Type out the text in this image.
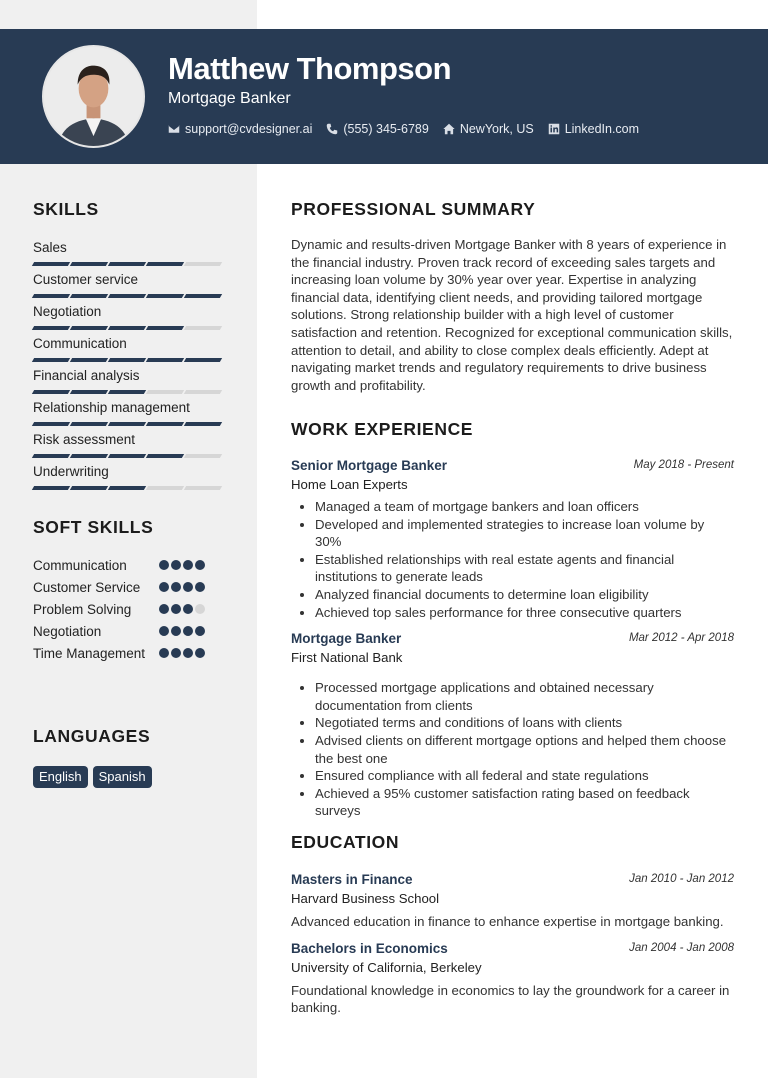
Matthew Thompson
Mortgage Banker
support@cvdesigner.ai (555) 345-6789 NewYork, US LinkedIn.com
SKILLS
Sales
Customer service
Negotiation
Communication
Financial analysis
Relationship management
Risk assessment
Underwriting
SOFT SKILLS
Communication
Customer Service
Problem Solving
Negotiation
Time Management
LANGUAGES
English	Spanish
PROFESSIONAL SUMMARY
Dynamic and results-driven Mortgage Banker with 8 years of experience in the financial industry. Proven track record of exceeding sales targets and increasing loan volume by 30% year over year. Expertise in analyzing financial data, identifying client needs, and providing tailored mortgage solutions. Strong relationship builder with a high level of customer satisfaction and retention. Recognized for exceptional communication skills, attention to detail, and ability to close complex deals efficiently. Adept at navigating market trends and regulatory requirements to drive business growth and profitability.
WORK EXPERIENCE
Senior Mortgage Banker	May 2018 - Present
Home Loan Experts
Managed a team of mortgage bankers and loan officers
Developed and implemented strategies to increase loan volume by 30%
Established relationships with real estate agents and financial institutions to generate leads
Analyzed financial documents to determine loan eligibility
Achieved top sales performance for three consecutive quarters
Mortgage Banker	Mar 2012 - Apr 2018
First National Bank
Processed mortgage applications and obtained necessary documentation from clients
Negotiated terms and conditions of loans with clients
Advised clients on different mortgage options and helped them choose the best one
Ensured compliance with all federal and state regulations
Achieved a 95% customer satisfaction rating based on feedback surveys
EDUCATION
Masters in Finance	Jan 2010 - Jan 2012
Harvard Business School
Advanced education in finance to enhance expertise in mortgage banking.
Bachelors in Economics	Jan 2004 - Jan 2008
University of California, Berkeley
Foundational knowledge in economics to lay the groundwork for a career in banking.
